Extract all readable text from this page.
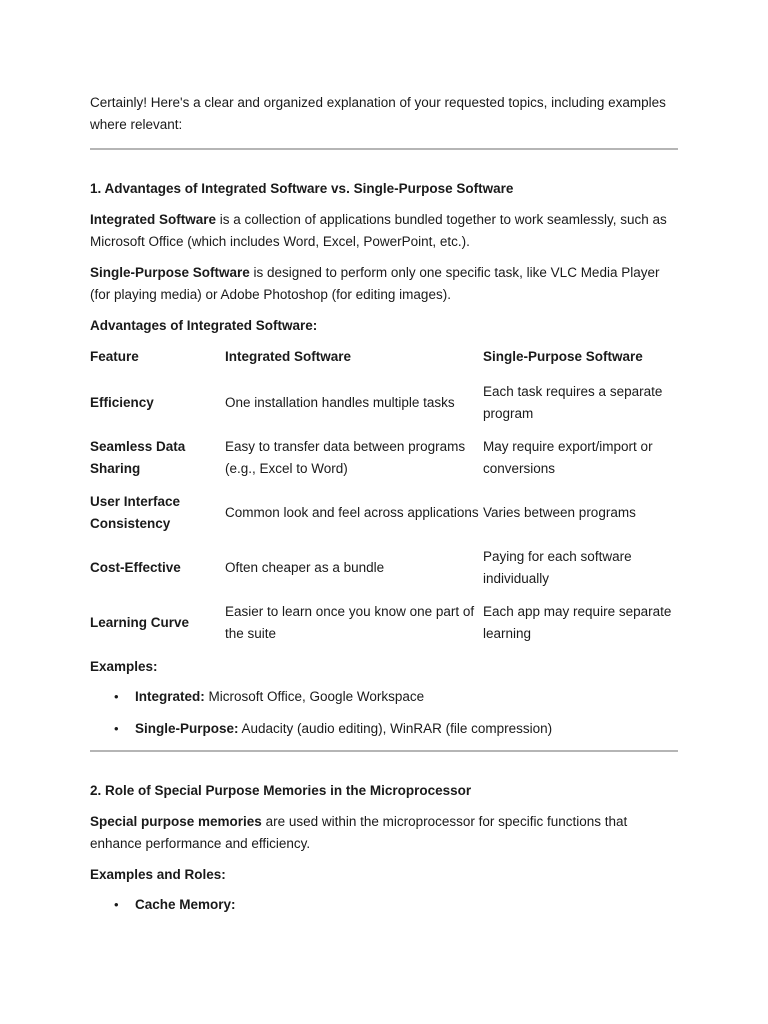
Certainly! Here's a clear and organized explanation of your requested topics, including examples where relevant:

1. Advantages of Integrated Software vs. Single-Purpose Software

Integrated Software is a collection of applications bundled together to work seamlessly, such as Microsoft Office (which includes Word, Excel, PowerPoint, etc.).

Single-Purpose Software is designed to perform only one specific task, like VLC Media Player (for playing media) or Adobe Photoshop (for editing images).

Advantages of Integrated Software:
Feature	Integrated Software	Single-Purpose Software
Efficiency	One installation handles multiple tasks	Each task requires a separate program
Seamless Data Sharing	Easy to transfer data between programs (e.g., Excel to Word)	May require export/import or conversions
User Interface Consistency	Common look and feel across applications	Varies between programs
Cost-Effective	Often cheaper as a bundle	Paying for each software individually
Learning Curve	Easier to learn once you know one part of the suite	Each app may require separate learning
Examples:
• Integrated: Microsoft Office, Google Workspace
• Single-Purpose: Audacity (audio editing), WinRAR (file compression)
2. Role of Special Purpose Memories in the Microprocessor

Special purpose memories are used within the microprocessor for specific functions that enhance performance and efficiency.

Examples and Roles:
• Cache Memory:
